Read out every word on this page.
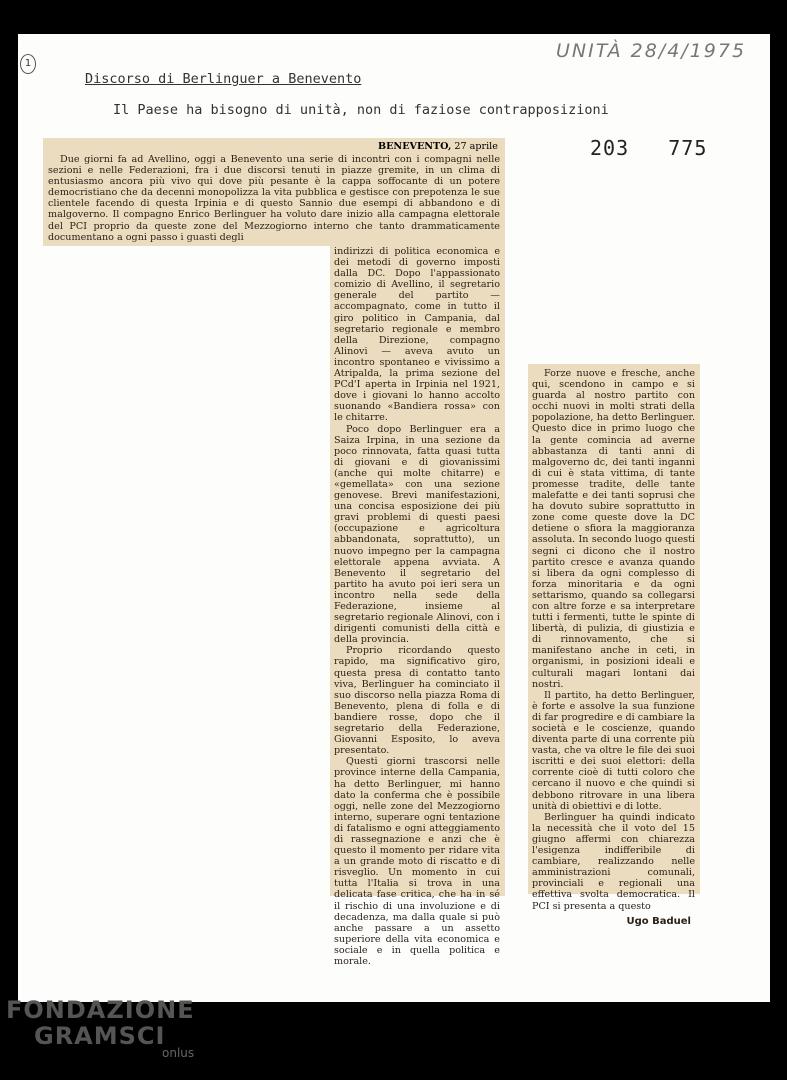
1
UNITÀ 28/4/1975
Discorso di Berlinguer a Benevento
Il Paese ha bisogno di unità, non di faziose contrapposizioni
203   775
BENEVENTO, 27 aprile

Due giorni fa ad Avellino, oggi a Benevento una serie di incontri con i compagni nelle sezioni e nelle Federazioni, fra i due discorsi tenuti in piazze gremite, in un clima di entusiasmo ancora più vivo qui dove più pesante è la cappa soffocante di un potere democristiano che da decenni monopolizza la vita pubblica e gestisce con prepotenza le sue clientele facendo di questa Irpinia e di questo Sannio due esempi di abbandono e di malgoverno. Il compagno Enrico Berlinguer ha voluto dare inizio alla campagna elettorale del PCI proprio da queste zone del Mezzogiorno interno che tanto drammaticamente documentano a ogni passo i guasti degli

indirizzi di politica economica e dei metodi di governo imposti dalla DC. Dopo l'appassionato comizio di Avellino, il segretario generale del partito — accompagnato, come in tutto il giro politico in Campania, dal segretario regionale e membro della Direzione, compagno Alinovi — aveva avuto un incontro spontaneo e vivissimo a Atripalda, la prima sezione del PCd'I aperta in Irpinia nel 1921, dove i giovani lo hanno accolto suonando «Bandiera rossa» con le chitarre.

Poco dopo Berlinguer era a Saiza Irpina, in una sezione da poco rinnovata, fatta quasi tutta di giovani e di giovanissimi (anche qui molte chitarre) e «gemellata» con una sezione genovese. Brevi manifestazioni, una concisa esposizione dei più gravi problemi di questi paesi (occupazione e agricoltura abbandonata, soprattutto), un nuovo impegno per la campagna elettorale appena avviata. A Benevento il segretario del partito ha avuto poi ieri sera un incontro nella sede della Federazione, insieme al segretario regionale Alinovi, con i dirigenti comunisti della città e della provincia.

Proprio ricordando questo rapido, ma significativo giro, questa presa di contatto tanto viva, Berlinguer ha cominciato il suo discorso nella piazza Roma di Benevento, plena di folla e di bandiere rosse, dopo che il segretario della Federazione, Giovanni Esposito, lo aveva presentato.

Questi giorni trascorsi nelle province interne della Campania, ha detto Berlinguer, mi hanno dato la conferma che è possibile oggi, nelle zone del Mezzogiorno interno, superare ogni tentazione di fatalismo e ogni atteggiamento di rassegnazione e anzi che è questo il momento per ridare vita a un grande moto di riscatto e di risveglio. Un momento in cui tutta l'Italia si trova in una delicata fase critica, che ha in sé il rischio di una involuzione e di decadenza, ma dalla quale si può anche passare a un assetto superiore della vita economica e sociale e in quella politica e morale.

Forze nuove e fresche, anche qui, scendono in campo e si guarda al nostro partito con occhi nuovi in molti strati della popolazione, ha detto Berlinguer. Questo dice in primo luogo che la gente comincia ad averne abbastanza di tanti anni di malgoverno dc, dei tanti inganni di cui è stata vittima, di tante promesse tradite, delle tante malefatte e dei tanti soprusi che ha dovuto subire soprattutto in zone come queste dove la DC detiene o sfiora la maggioranza assoluta. In secondo luogo questi segni ci dicono che il nostro partito cresce e avanza quando si libera da ogni complesso di forza minoritaria e da ogni settarismo, quando sa collegarsi con altre forze e sa interpretare tutti i fermenti, tutte le spinte di libertà, di pulizia, di giustizia e di rinnovamento, che si manifestano anche in ceti, in organismi, in posizioni ideali e culturali magari lontani dai nostri.

Il partito, ha detto Berlinguer, è forte e assolve la sua funzione di far progredire e di cambiare la società e le coscienze, quando diventa parte di una corrente più vasta, che va oltre le file dei suoi iscritti e dei suoi elettori: della corrente cioè di tutti coloro che cercano il nuovo e che quindi si debbono ritrovare in una libera unità di obiettivi e di lotte.

Berlinguer ha quindi indicato la necessità che il voto del 15 giugno affermi con chiarezza l'esigenza indifferibile di cambiare, realizzando nelle amministrazioni comunali, provinciali e regionali una effettiva svolta democratica. Il PCI si presenta a questo

Ugo Baduel
FONDAZIONE
GRAMSCI
onlus
